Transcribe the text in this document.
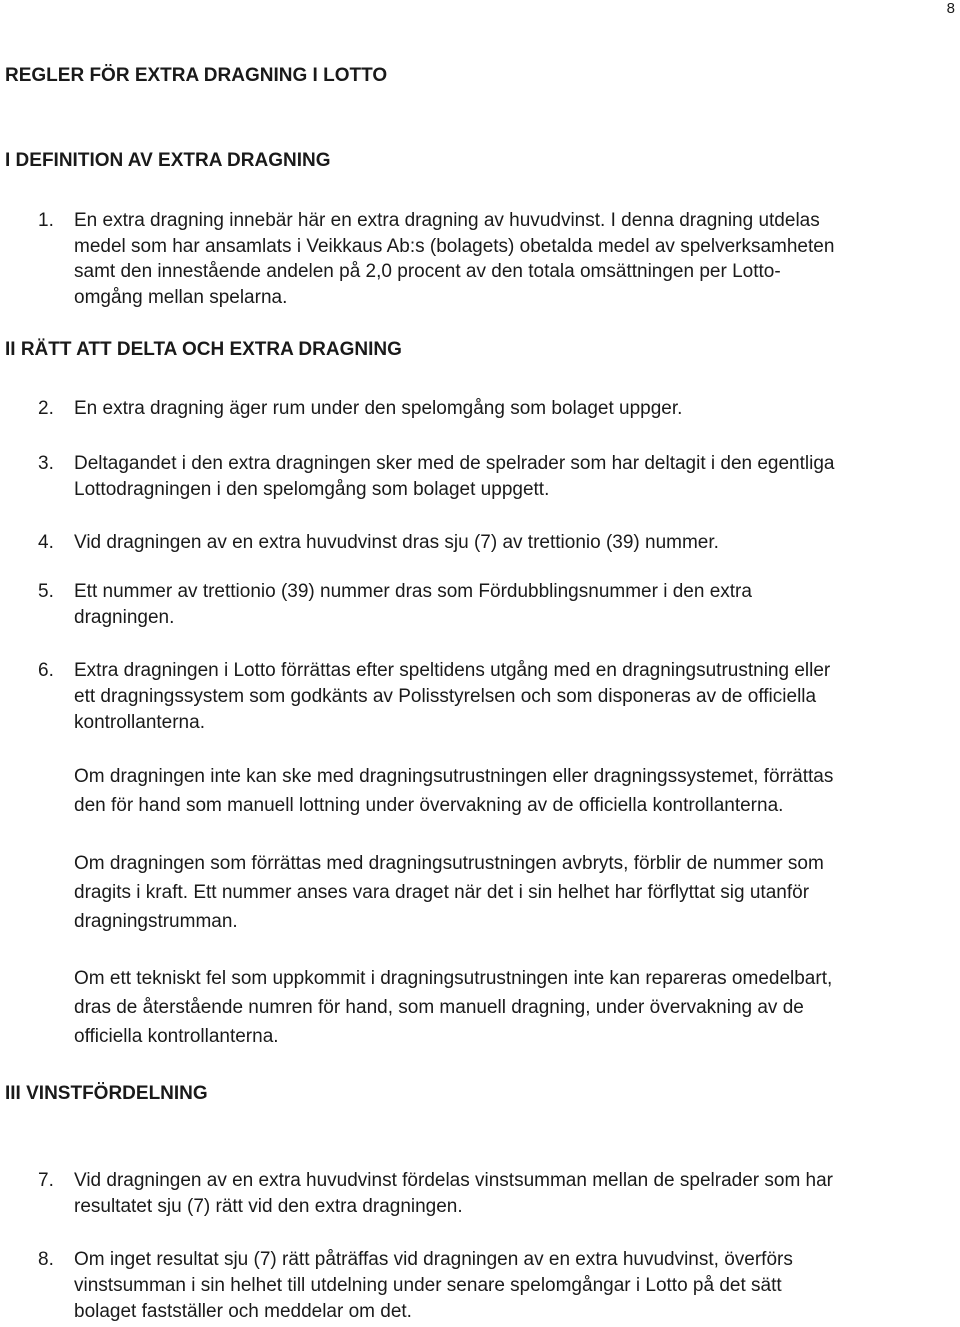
8
REGLER FÖR EXTRA DRAGNING I LOTTO
I DEFINITION AV EXTRA DRAGNING
1. En extra dragning innebär här en extra dragning av huvudvinst. I denna dragning utdelas
medel som har ansamlats i Veikkaus Ab:s (bolagets) obetalda medel av spelverksamheten
samt den innestående andelen på 2,0 procent av den totala omsättningen per Lotto-
omgång mellan spelarna.
II RÄTT ATT DELTA OCH EXTRA DRAGNING
2. En extra dragning äger rum under den spelomgång som bolaget uppger.
3. Deltagandet i den extra dragningen sker med de spelrader som har deltagit i den egentliga
Lottodragningen i den spelomgång som bolaget uppgett.
4. Vid dragningen av en extra huvudvinst dras sju (7) av trettionio (39) nummer.
5. Ett nummer av trettionio (39) nummer dras som Fördubblingsnummer i den extra
dragningen.
6. Extra dragningen i Lotto förrättas efter speltidens utgång med en dragningsutrustning eller
ett dragningssystem som godkänts av Polisstyrelsen och som disponeras av de officiella
kontrollanterna.
Om dragningen inte kan ske med dragningsutrustningen eller dragningssystemet, förrättas
den för hand som manuell lottning under övervakning av de officiella kontrollanterna.
Om dragningen som förrättas med dragningsutrustningen avbryts, förblir de nummer som
dragits i kraft. Ett nummer anses vara draget när det i sin helhet har förflyttat sig utanför
dragningstrumman.
Om ett tekniskt fel som uppkommit i dragningsutrustningen inte kan repareras omedelbart,
dras de återstående numren för hand, som manuell dragning, under övervakning av de
officiella kontrollanterna.
III VINSTFÖRDELNING
7. Vid dragningen av en extra huvudvinst fördelas vinstsumman mellan de spelrader som har
resultatet sju (7) rätt vid den extra dragningen.
8. Om inget resultat sju (7) rätt påträffas vid dragningen av en extra huvudvinst, överförs
vinstsumman i sin helhet till utdelning under senare spelomgångar i Lotto på det sätt
bolaget fastställer och meddelar om det.
